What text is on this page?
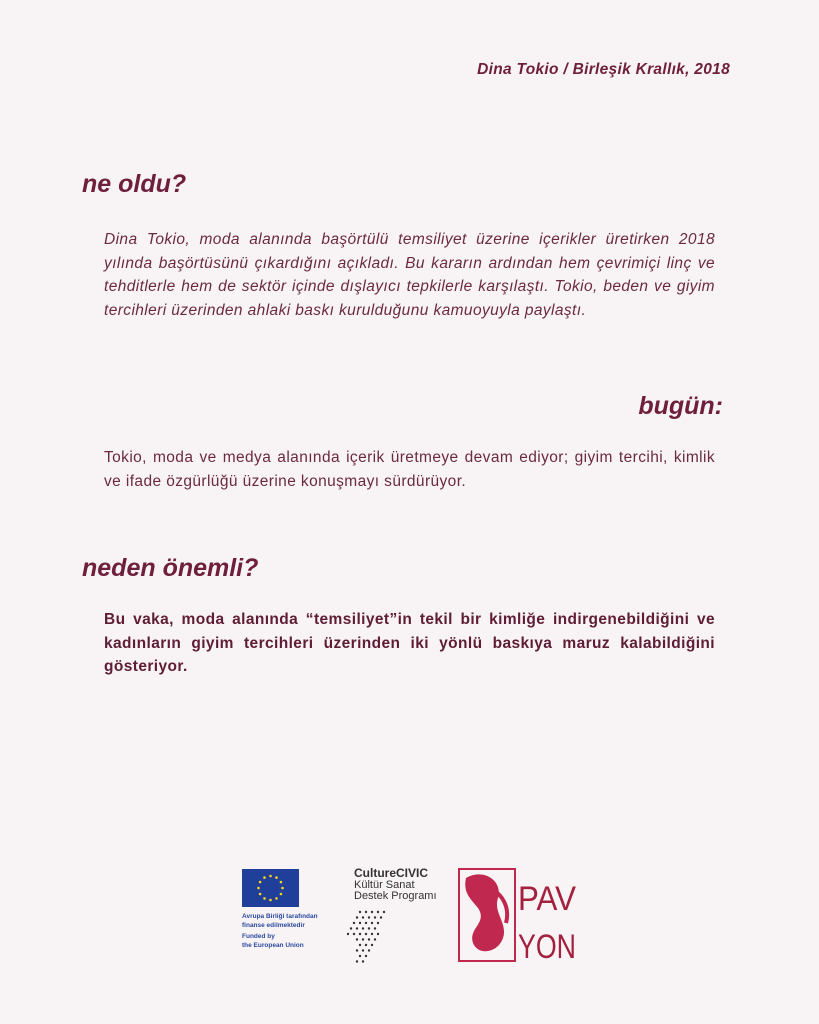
Dina Tokio / Birleşik Krallık, 2018
ne oldu?

Dina Tokio, moda alanında başörtülü temsiliyet üzerine içerikler üretirken 2018 yılında başörtüsünü çıkardığını açıkladı. Bu kararın ardından hem çevrimiçi linç ve tehditlerle hem de sektör içinde dışlayıcı tepkilerle karşılaştı. Tokio, beden ve giyim tercihleri üzerinden ahlaki baskı kurulduğunu kamuoyuyla paylaştı.

bugün:

Tokio, moda ve medya alanında içerik üretmeye devam ediyor; giyim tercihi, kimlik ve ifade özgürlüğü üzerine konuşmayı sürdürüyor.

neden önemli?

Bu vaka, moda alanında “temsiliyet”in tekil bir kimliğe indirgenebildiğini ve kadınların giyim tercihleri üzerinden iki yönlü baskıya maruz kalabildiğini gösteriyor.

Avrupa Birliği tarafından
finanse edilmektedir
Funded by
the European Union
CultureCIVIC
Kültür Sanat
Destek Programı PAV
YON
